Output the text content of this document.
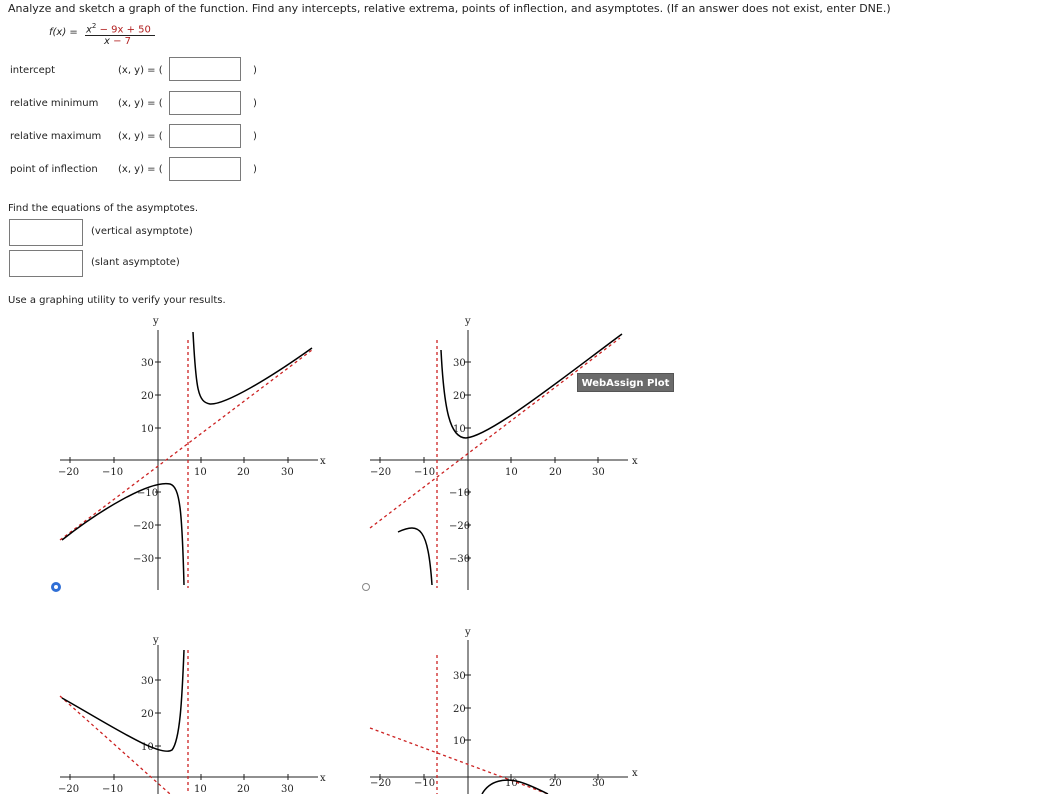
Analyze and sketch a graph of the function. Find any intercepts, relative extrema, points of inflection, and asymptotes. (If an answer does not exist, enter DNE.)
$f(x) = x^2 - 9x + 50$
x − 7
intercept	(x, y) = (	)
relative minimum (x, y) = (	)
relative maximum (x, y) = (	)
point of inflection (x, y) = (	)
Find the equations of the asymptotes.
(vertical asymptote)
(slant asymptote)
Use a graphing utility to verify your results.
y
x
−20 −10	10	20	30
30
20
10
−10
−20
−30
y
x
−20 −10	10	20	30
30
20
10
−10
−20
−30
y
x
−20 −10	10	20	30
30
20
10
y
x
−20 −10	10	20	30
30
20
10
WebAssign Plot
